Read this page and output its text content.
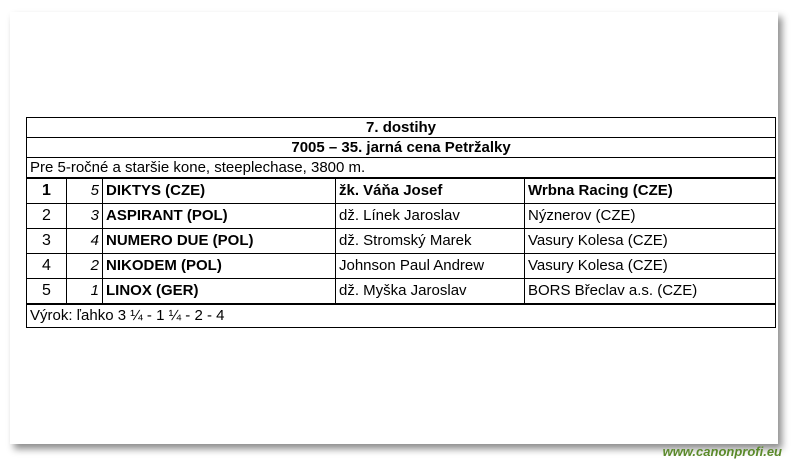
7. dostihy				
7005 – 35. jarná cena Petržalky				
Pre 5-ročné a staršie kone, steeplechase, 3800 m.				
1	5	DIKTYS (CZE)	žk. Váňa Josef	Wrbna Racing (CZE)
2	3	ASPIRANT (POL)	dž. Línek Jaroslav	Nýznerov (CZE)
3	4	NUMERO DUE (POL)	dž. Stromský Marek	Vasury Kolesa (CZE)
4	2	NIKODEM (POL)	Johnson Paul Andrew	Vasury Kolesa (CZE)
5	1	LINOX (GER)	dž. Myška Jaroslav	BORS Břeclav a.s. (CZE)
Výrok: ľahko 3 ¼ - 1 ¼ - 2 - 4				
www.canonprofi.eu
